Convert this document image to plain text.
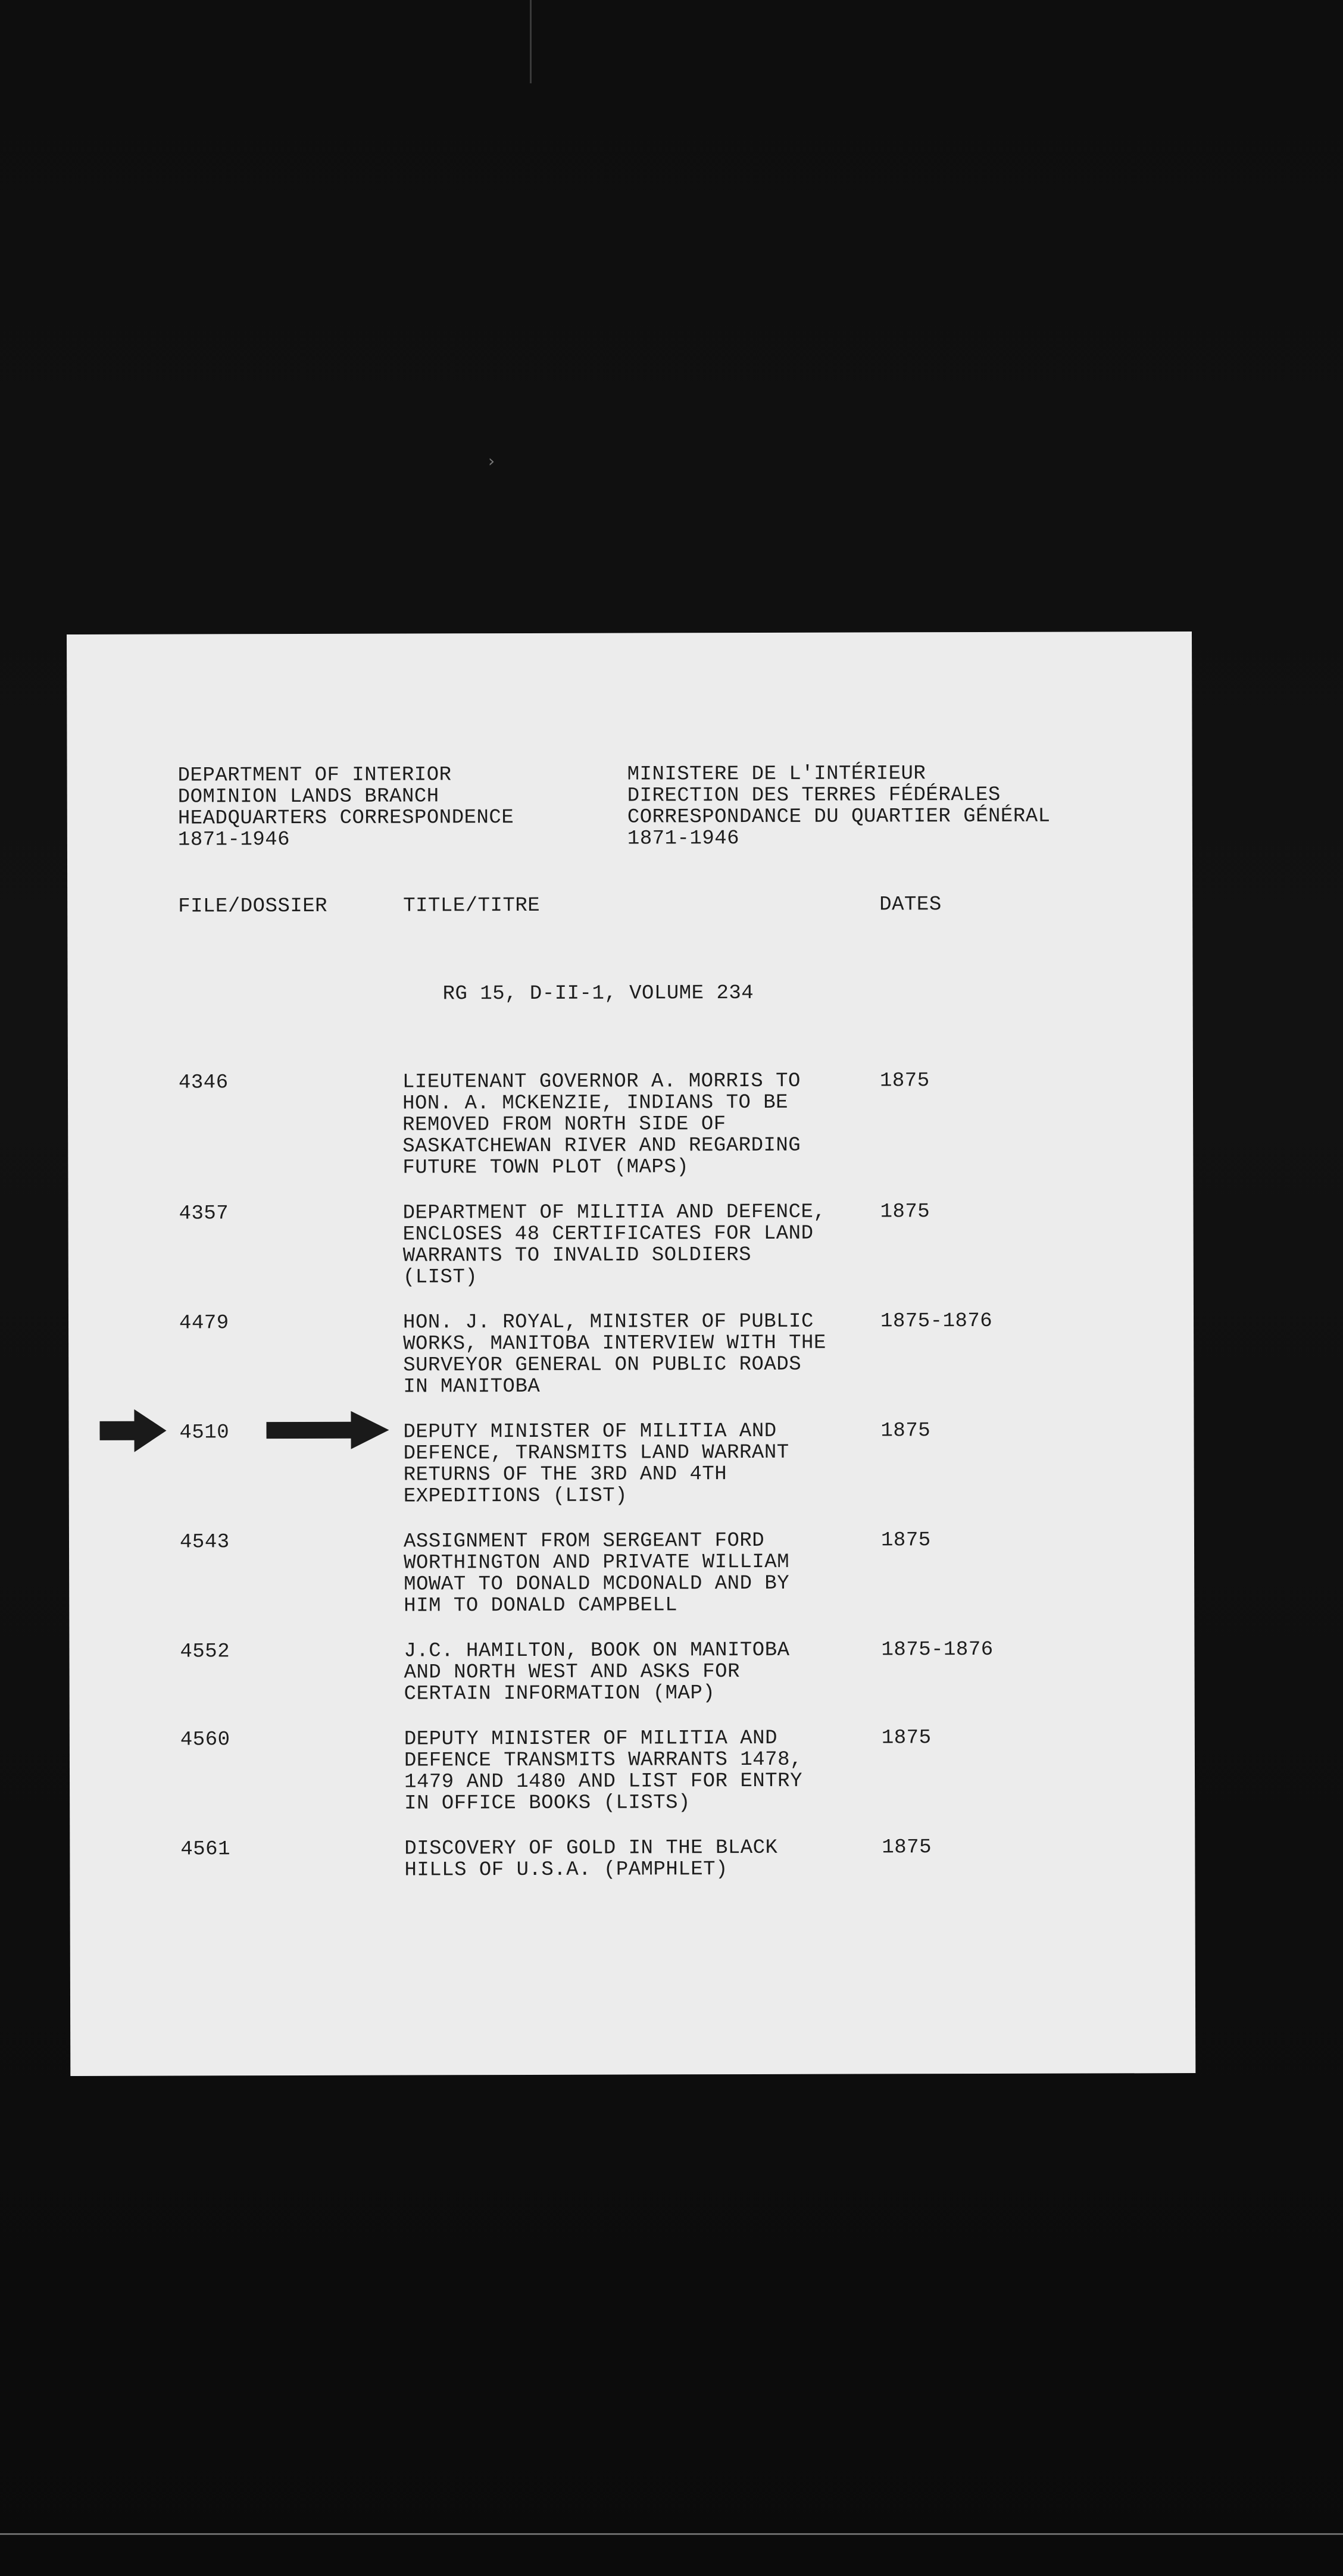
›
DEPARTMENT OF INTERIOR
DOMINION LANDS BRANCH
HEADQUARTERS CORRESPONDENCE
1871-1946
MINISTERE DE L'INTÉRIEUR
DIRECTION DES TERRES FÉDÉRALES
CORRESPONDANCE DU QUARTIER GÉNÉRAL
1871-1946
FILE/DOSSIER	TITLE/TITRE	DATES
RG 15, D-II-1, VOLUME 234
4346	LIEUTENANT GOVERNOR A. MORRIS TO
HON. A. MCKENZIE, INDIANS TO BE
REMOVED FROM NORTH SIDE OF
SASKATCHEWAN RIVER AND REGARDING
FUTURE TOWN PLOT (MAPS)
1875
4357	DEPARTMENT OF MILITIA AND DEFENCE,
ENCLOSES 48 CERTIFICATES FOR LAND
WARRANTS TO INVALID SOLDIERS
(LIST)
1875
4479	HON. J. ROYAL, MINISTER OF PUBLIC
WORKS, MANITOBA INTERVIEW WITH THE
SURVEYOR GENERAL ON PUBLIC ROADS
IN MANITOBA
1875-1876
4510	DEPUTY MINISTER OF MILITIA AND
DEFENCE, TRANSMITS LAND WARRANT
RETURNS OF THE 3RD AND 4TH
EXPEDITIONS (LIST)
1875
4543	ASSIGNMENT FROM SERGEANT FORD
WORTHINGTON AND PRIVATE WILLIAM
MOWAT TO DONALD MCDONALD AND BY
HIM TO DONALD CAMPBELL
1875
4552	J.C. HAMILTON, BOOK ON MANITOBA
AND NORTH WEST AND ASKS FOR
CERTAIN INFORMATION (MAP)
1875-1876
4560	DEPUTY MINISTER OF MILITIA AND
DEFENCE TRANSMITS WARRANTS 1478,
1479 AND 1480 AND LIST FOR ENTRY
IN OFFICE BOOKS (LISTS)
1875
4561	DISCOVERY OF GOLD IN THE BLACK
HILLS OF U.S.A. (PAMPHLET)
1875
